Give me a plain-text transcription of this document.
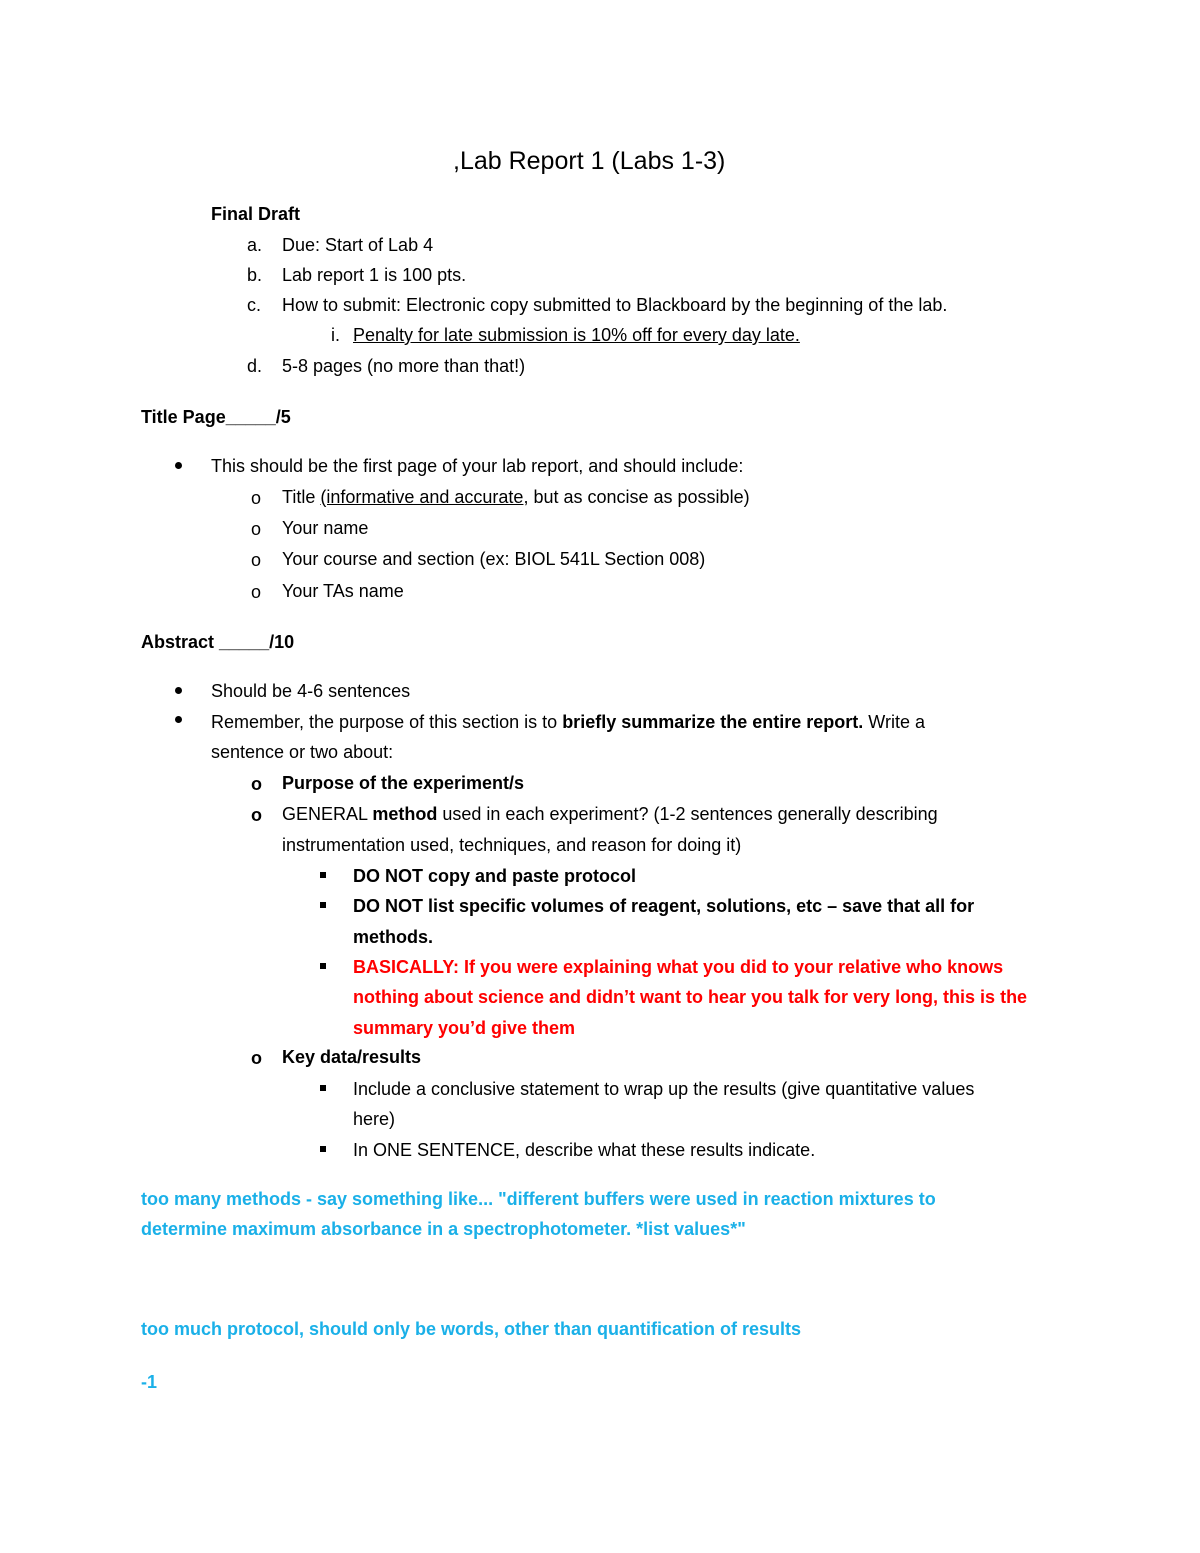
,Lab Report 1 (Labs 1-3)
Final Draft
a. Due: Start of Lab 4
b. Lab report 1 is 100 pts.
c. How to submit: Electronic copy submitted to Blackboard by the beginning of the lab.
i. Penalty for late submission is 10% off for every day late.
d. 5-8 pages (no more than that!)
Title Page_____/5
This should be the first page of your lab report, and should include:
o Title (informative and accurate, but as concise as possible)
o Your name
o Your course and section (ex: BIOL 541L Section 008)
o Your TAs name
Abstract _____/10
Should be 4-6 sentences
Remember, the purpose of this section is to briefly summarize the entire report. Write a
sentence or two about:
o Purpose of the experiment/s
o GENERAL method used in each experiment? (1-2 sentences generally describing
instrumentation used, techniques, and reason for doing it)
DO NOT copy and paste protocol
DO NOT list specific volumes of reagent, solutions, etc – save that all for
methods.
BASICALLY: If you were explaining what you did to your relative who knows
nothing about science and didn’t want to hear you talk for very long, this is the
summary you’d give them
o Key data/results
Include a conclusive statement to wrap up the results (give quantitative values
here)
In ONE SENTENCE, describe what these results indicate.
too many methods - say something like... "different buffers were used in reaction mixtures to
determine maximum absorbance in a spectrophotometer. *list values*"
too much protocol, should only be words, other than quantification of results
-1
